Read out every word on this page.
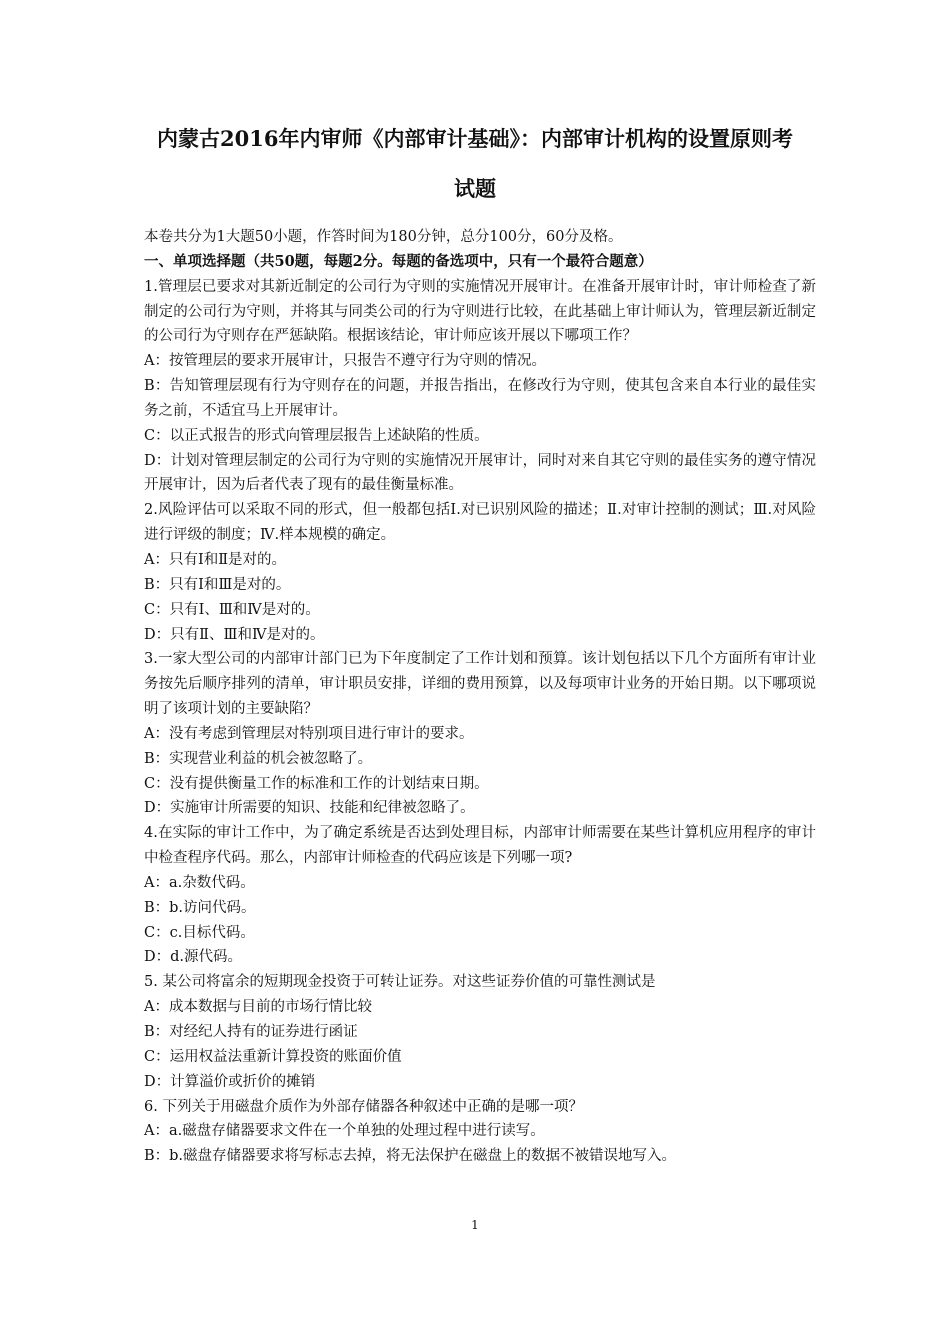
内蒙古2016年内审师《内部审计基础》：内部审计机构的设置原则考
试题

本卷共分为1大题50小题，作答时间为180分钟，总分100分，60分及格。

一、单项选择题（共50题，每题2分。每题的备选项中，只有一个最符合题意）

1.管理层已要求对其新近制定的公司行为守则的实施情况开展审计。在准备开展审计时，审计师检查了新制定的公司行为守则，并将其与同类公司的行为守则进行比较，在此基础上审计师认为，管理层新近制定的公司行为守则存在严惩缺陷。根据该结论，审计师应该开展以下哪项工作？

A：按管理层的要求开展审计，只报告不遵守行为守则的情况。

B：告知管理层现有行为守则存在的问题，并报告指出，在修改行为守则，使其包含来自本行业的最佳实务之前，不适宜马上开展审计。

C：以正式报告的形式向管理层报告上述缺陷的性质。

D：计划对管理层制定的公司行为守则的实施情况开展审计，同时对来自其它守则的最佳实务的遵守情况开展审计，因为后者代表了现有的最佳衡量标准。

2.风险评估可以采取不同的形式，但一般都包括Ⅰ.对已识别风险的描述；Ⅱ.对审计控制的测试；Ⅲ.对风险进行评级的制度；Ⅳ.样本规模的确定。

A：只有Ⅰ和Ⅱ是对的。

B：只有Ⅰ和Ⅲ是对的。

C：只有Ⅰ、Ⅲ和Ⅳ是对的。

D：只有Ⅱ、Ⅲ和Ⅳ是对的。

3.一家大型公司的内部审计部门已为下年度制定了工作计划和预算。该计划包括以下几个方面所有审计业务按先后顺序排列的清单，审计职员安排，详细的费用预算，以及每项审计业务的开始日期。以下哪项说明了该项计划的主要缺陷？

A：没有考虑到管理层对特别项目进行审计的要求。

B：实现营业利益的机会被忽略了。

C：没有提供衡量工作的标准和工作的计划结束日期。

D：实施审计所需要的知识、技能和纪律被忽略了。

4.在实际的审计工作中，为了确定系统是否达到处理目标，内部审计师需要在某些计算机应用程序的审计中检查程序代码。那么，内部审计师检查的代码应该是下列哪一项?

A：a.杂数代码。

B：b.访问代码。

C：c.目标代码。

D：d.源代码。

5. 某公司将富余的短期现金投资于可转让证券。对这些证券价值的可靠性测试是

A：成本数据与目前的市场行情比较

B：对经纪人持有的证券进行函证

C：运用权益法重新计算投资的账面价值

D：计算溢价或折价的摊销

6. 下列关于用磁盘介质作为外部存储器各种叙述中正确的是哪一项？

A：a.磁盘存储器要求文件在一个单独的处理过程中进行读写。

B：b.磁盘存储器要求将写标志去掉，将无法保护在磁盘上的数据不被错误地写入。

1
